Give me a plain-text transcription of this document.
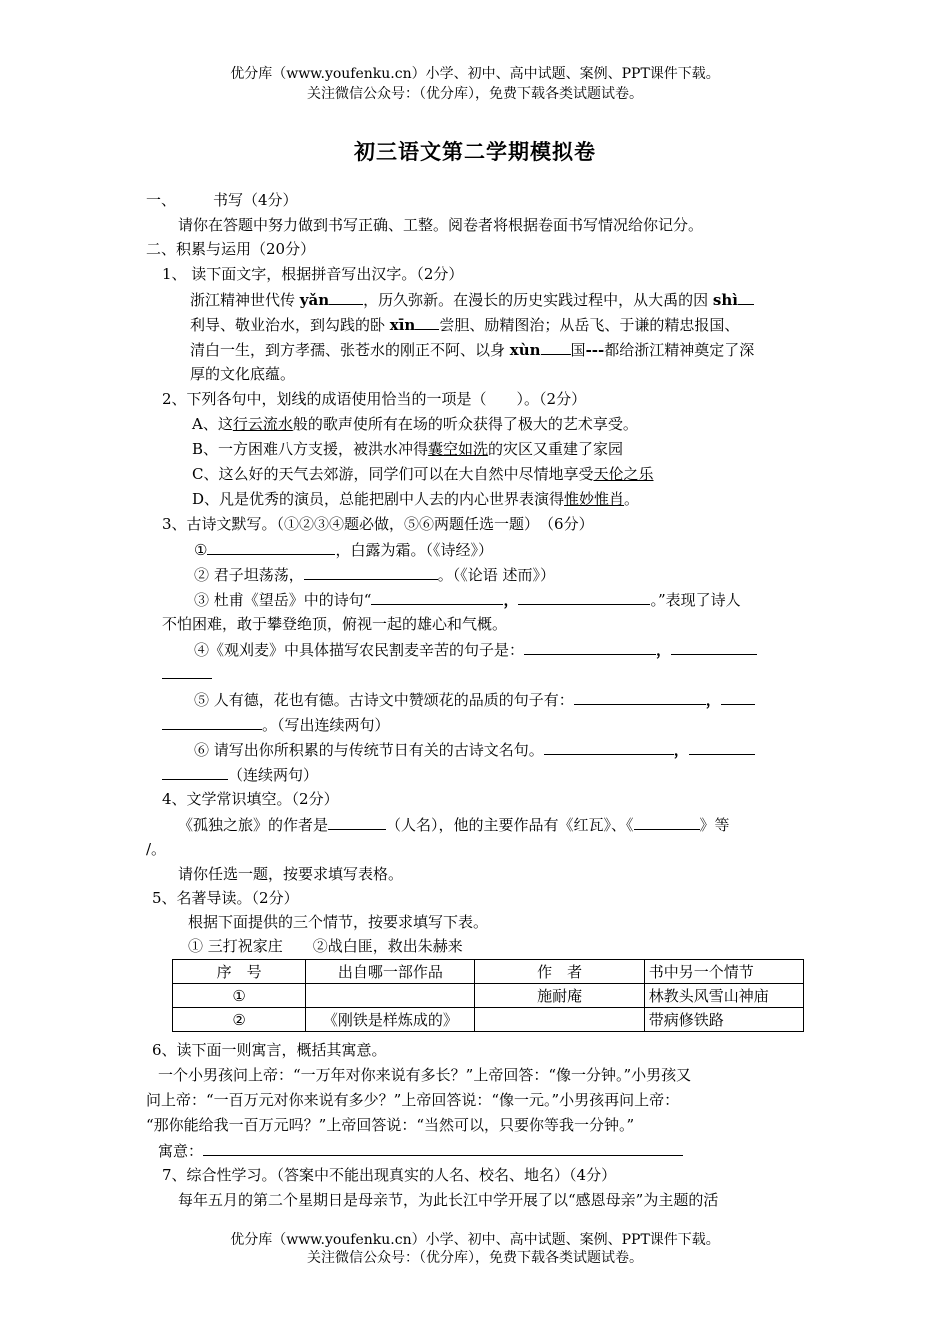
优分库（www.youfenku.cn）小学、初中、高中试题、案例、PPT课件下载。
关注微信公众号：（优分库），免费下载各类试题试卷。
初三语文第二学期模拟卷
一、 书写（4分）
请你在答题中努力做到书写正确、工整。阅卷者将根据卷面书写情况给你记分。
二、积累与运用（20分）
1、 读下面文字，根据拼音写出汉字。（2分）
浙江精神世代传 yǎn ，历久弥新。在漫长的历史实践过程中，从大禹的因 shì
利导、敬业治水，到勾践的卧 xīn 尝胆、励精图治；从岳飞、于谦的精忠报国、
清白一生，到方孝孺、张苍水的刚正不阿、以身 xùn 国---都给浙江精神奠定了深
厚的文化底蕴。
2、下列各句中，划线的成语使用恰当的一项是（　　）。（2分）
A、这行云流水般的歌声使所有在场的听众获得了极大的艺术享受。
B、一方困难八方支援，被洪水冲得囊空如洗的灾区又重建了家园
C、这么好的天气去郊游，同学们可以在大自然中尽情地享受天伦之乐
D、凡是优秀的演员，总能把剧中人去的内心世界表演得惟妙惟肖。
3、古诗文默写。（①②③④题必做，⑤⑥两题任选一题）　（6分）
①	，白露为霜。（《诗经》）
② 君子坦荡荡，	。（《论语 述而》）
③ 杜甫《望岳》中的诗句“	，	。”表现了诗人
不怕困难，敢于攀登绝顶，俯视一起的雄心和气概。
④《观刈麦》中具体描写农民割麦辛苦的句子是：	，
⑤ 人有德，花也有德。古诗文中赞颂花的品质的句子有：	，
。（写出连续两句）
⑥ 请写出你所积累的与传统节日有关的古诗文名句。	，
（连续两句）
4、文学常识填空。（2分）
《孤独之旅》的作者是	（人名），他的主要作品有《红瓦》、《	》等
/。
请你任选一题，按要求填写表格。
5、名著导读。（2分）
根据下面提供的三个情节，按要求填写下表。
① 三打祝家庄　　②战白匪，救出朱赫来
序　号	出自哪一部作品	作　者	书中另一个情节
①		施耐庵	林教头风雪山神庙
②	《刚铁是样炼成的》		带病修铁路
6、读下面一则寓言，概括其寓意。
一个小男孩问上帝：“一万年对你来说有多长？”上帝回答：“像一分钟。”小男孩又
问上帝：“一百万元对你来说有多少？”上帝回答说：“像一元。”小男孩再问上帝：
“那你能给我一百万元吗？”上帝回答说：“当然可以，只要你等我一分钟。”
寓意：
7、综合性学习。（答案中不能出现真实的人名、校名、地名）（4分）
每年五月的第二个星期日是母亲节，为此长江中学开展了以“感恩母亲”为主题的活
优分库（www.youfenku.cn）小学、初中、高中试题、案例、PPT课件下载。
关注微信公众号：（优分库），免费下载各类试题试卷。
